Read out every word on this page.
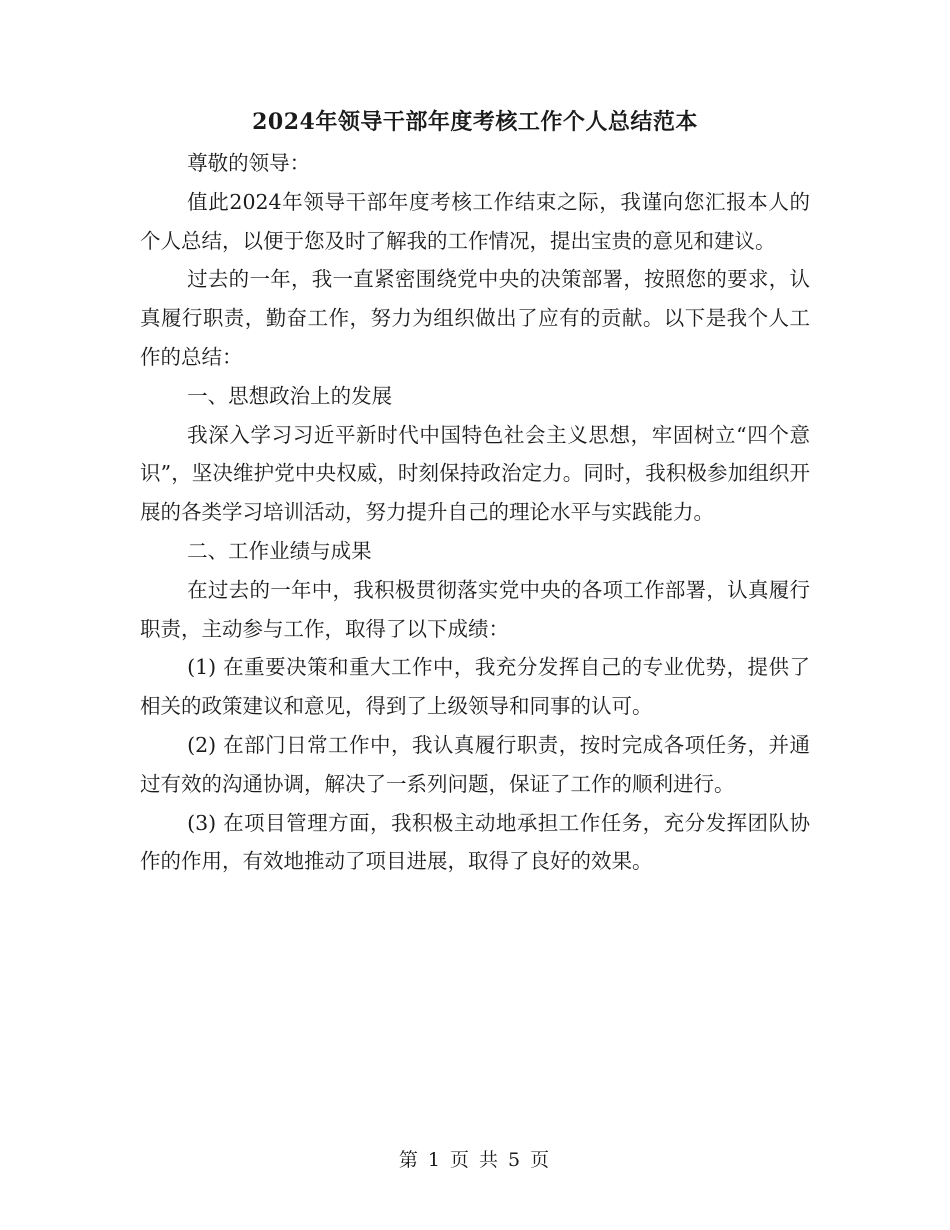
2024年领导干部年度考核工作个人总结范本

尊敬的领导：

值此2024年领导干部年度考核工作结束之际，我谨向您汇报本人的个人总结，以便于您及时了解我的工作情况，提出宝贵的意见和建议。

过去的一年，我一直紧密围绕党中央的决策部署，按照您的要求，认真履行职责，勤奋工作，努力为组织做出了应有的贡献。以下是我个人工作的总结：

一、思想政治上的发展

我深入学习习近平新时代中国特色社会主义思想，牢固树立“四个意识”，坚决维护党中央权威，时刻保持政治定力。同时，我积极参加组织开展的各类学习培训活动，努力提升自己的理论水平与实践能力。

二、工作业绩与成果

在过去的一年中，我积极贯彻落实党中央的各项工作部署，认真履行职责，主动参与工作，取得了以下成绩：

(1) 在重要决策和重大工作中，我充分发挥自己的专业优势，提供了相关的政策建议和意见，得到了上级领导和同事的认可。

(2) 在部门日常工作中，我认真履行职责，按时完成各项任务，并通过有效的沟通协调，解决了一系列问题，保证了工作的顺利进行。

(3) 在项目管理方面，我积极主动地承担工作任务，充分发挥团队协作的作用，有效地推动了项目进展，取得了良好的效果。

第 1 页 共 5 页
